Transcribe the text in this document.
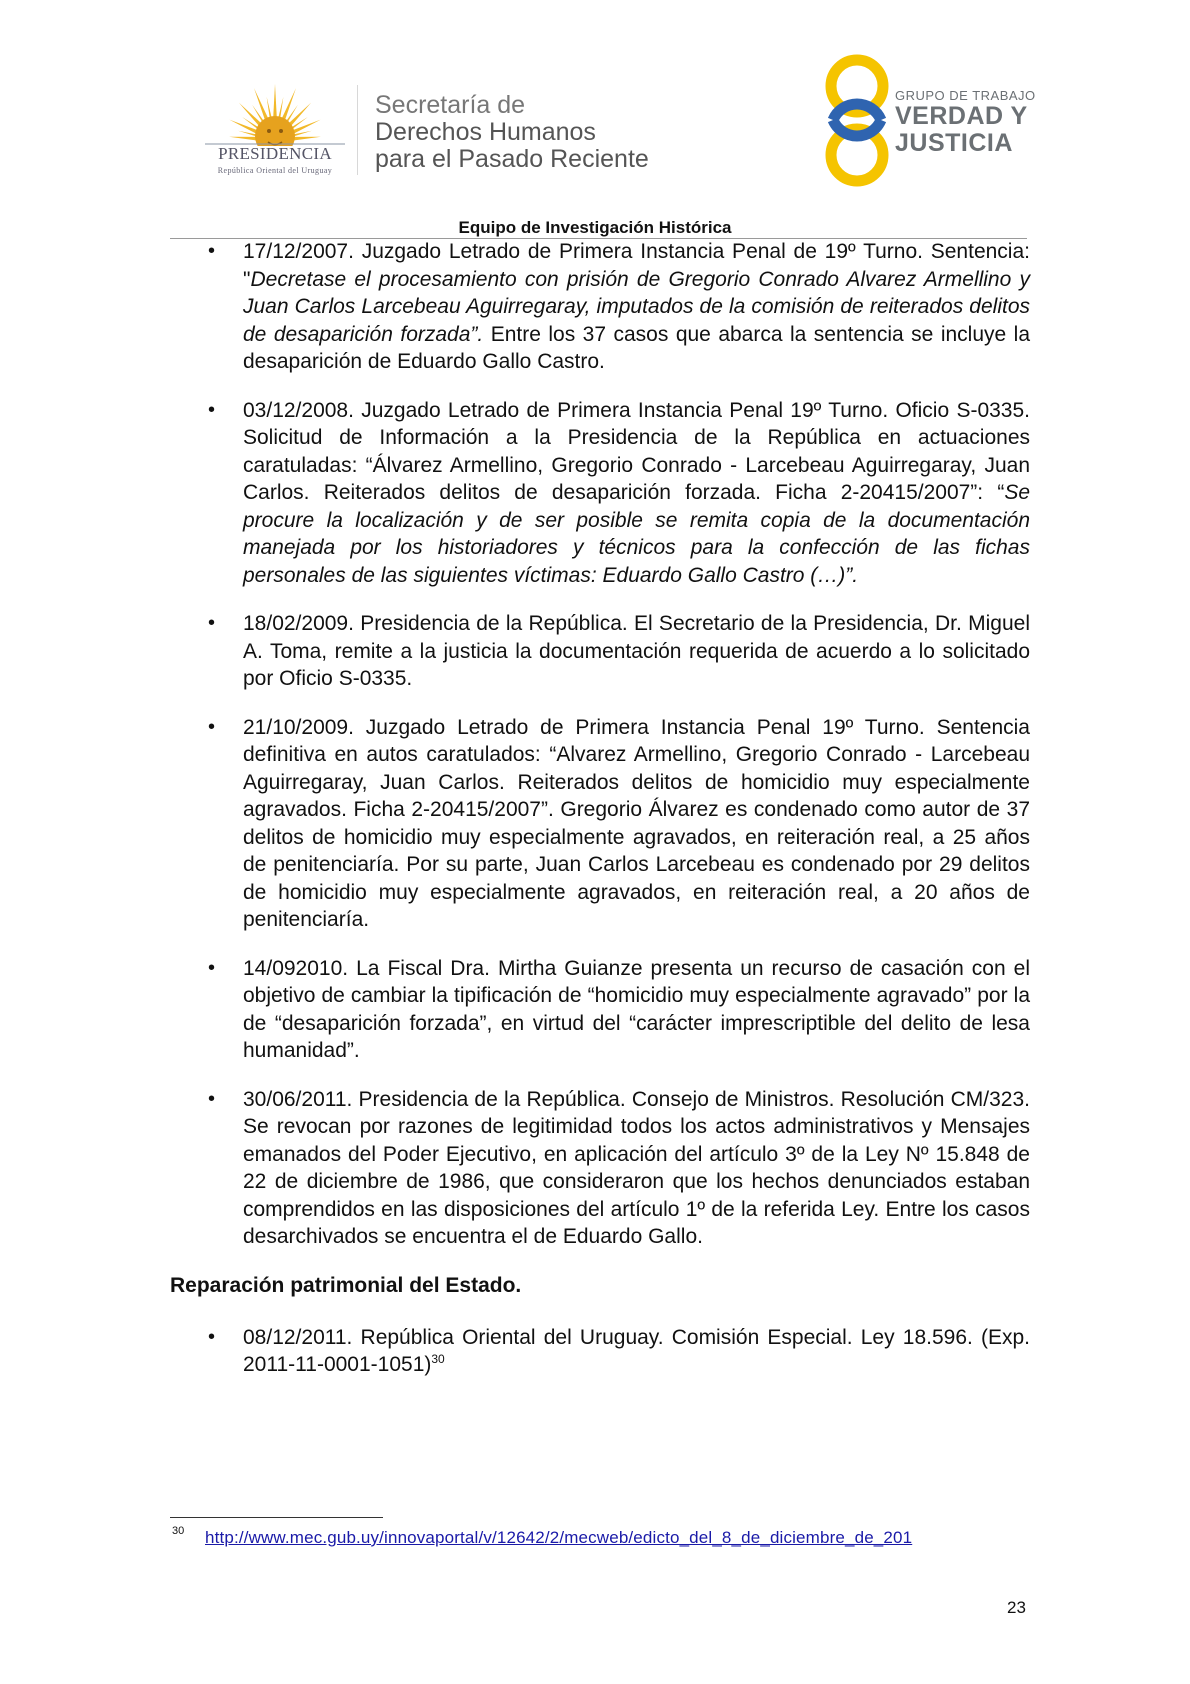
PRESIDENCIA
República Oriental del Uruguay
Secretaría de
Derechos Humanos
para el Pasado Reciente
GRUPO DE TRABAJO
VERDAD Y
JUSTICIA
Equipo de Investigación Histórica
• 17/12/2007. Juzgado Letrado de Primera Instancia Penal de 19º Turno. Sentencia: "Decretase el procesamiento con prisión de Gregorio Conrado Alvarez Armellino y Juan Carlos Larcebeau Aguirregaray, imputados de la comisión de reiterados delitos de desaparición forzada”. Entre los 37 casos que abarca la sentencia se incluye la desaparición de Eduardo Gallo Castro.
• 03/12/2008. Juzgado Letrado de Primera Instancia Penal 19º Turno. Oficio S-0335. Solicitud de Información a la Presidencia de la República en actuaciones caratuladas: “Álvarez Armellino, Gregorio Conrado - Larcebeau Aguirregaray, Juan Carlos. Reiterados delitos de desaparición forzada. Ficha 2-20415/2007”: “Se procure la localización y de ser posible se remita copia de la documentación manejada por los historiadores y técnicos para la confección de las fichas personales de las siguientes víctimas: Eduardo Gallo Castro (…)”.
• 18/02/2009. Presidencia de la República. El Secretario de la Presidencia, Dr. Miguel A. Toma, remite a la justicia la documentación requerida de acuerdo a lo solicitado por Oficio S-0335.
• 21/10/2009. Juzgado Letrado de Primera Instancia Penal 19º Turno. Sentencia definitiva en autos caratulados: “Alvarez Armellino, Gregorio Conrado - Larcebeau Aguirregaray, Juan Carlos. Reiterados delitos de homicidio muy especialmente agravados. Ficha 2-20415/2007”. Gregorio Álvarez es condenado como autor de 37 delitos de homicidio muy especialmente agravados, en reiteración real, a 25 años de penitenciaría. Por su parte, Juan Carlos Larcebeau es condenado por 29 delitos de homicidio muy especialmente agravados, en reiteración real, a 20 años de penitenciaría.
• 14/092010. La Fiscal Dra. Mirtha Guianze presenta un recurso de casación con el objetivo de cambiar la tipificación de “homicidio muy especialmente agravado” por la de “desaparición forzada”, en virtud del “carácter imprescriptible del delito de lesa humanidad”.
• 30/06/2011. Presidencia de la República. Consejo de Ministros. Resolución CM/323. Se revocan por razones de legitimidad todos los actos administrativos y Mensajes emanados del Poder Ejecutivo, en aplicación del artículo 3º de la Ley Nº 15.848 de 22 de diciembre de 1986, que consideraron que los hechos denunciados estaban comprendidos en las disposiciones del artículo 1º de la referida Ley. Entre los casos desarchivados se encuentra el de Eduardo Gallo.
Reparación patrimonial del Estado.
• 08/12/2011. República Oriental del Uruguay. Comisión Especial. Ley 18.596. (Exp. 2011-11-0001-1051)$^{30}$
30 http://www.mec.gub.uy/innovaportal/v/12642/2/mecweb/edicto_del_8_de_diciembre_de_201
23
